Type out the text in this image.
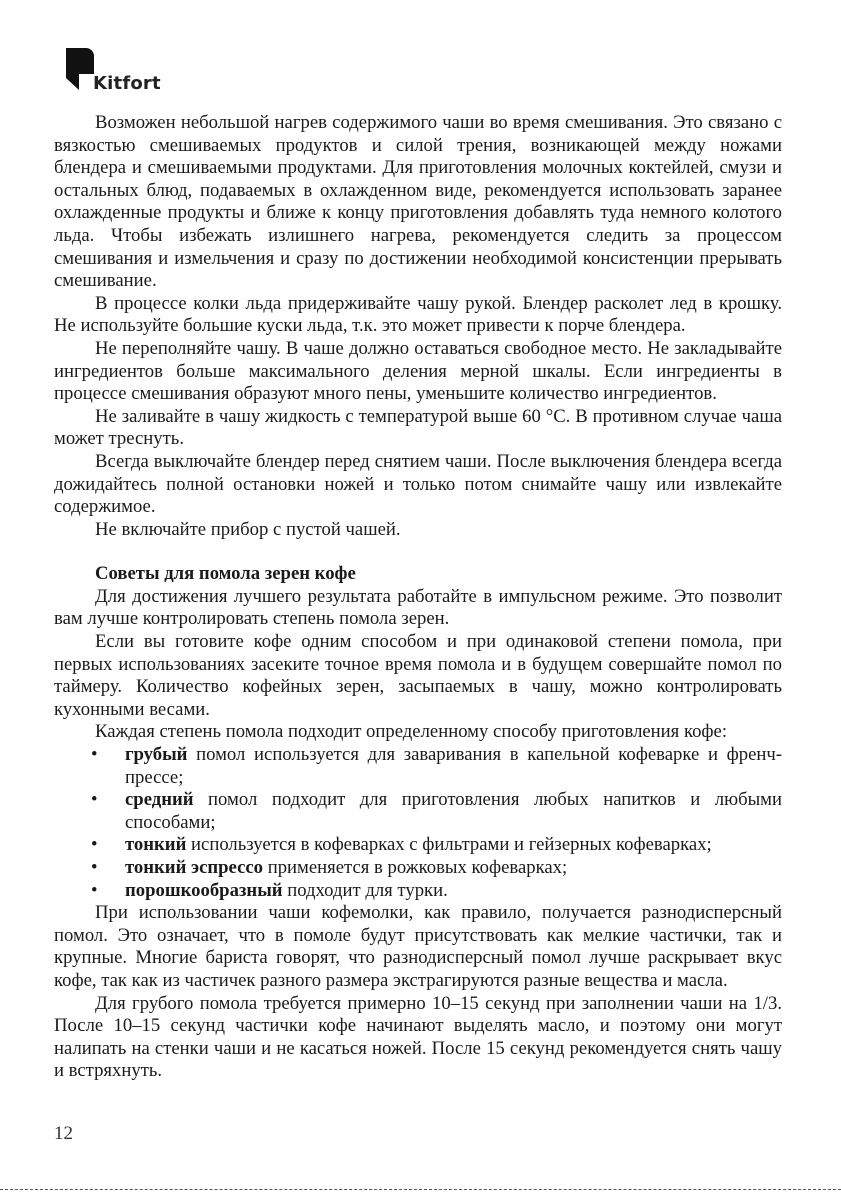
Kitfort

Возможен небольшой нагрев содержимого чаши во время смешивания. Это связано с вязкостью смешиваемых продуктов и силой трения, возникающей между ножами блендера и смешиваемыми продуктами. Для приготовления молочных коктейлей, смузи и остальных блюд, подаваемых в охлажденном виде, рекомендуется использовать заранее охлажденные продукты и ближе к концу приготовления добавлять туда немного колотого льда. Чтобы избежать излишнего нагрева, рекомендуется следить за процессом смешивания и измельчения и сразу по достижении необходимой консистенции прерывать смешивание.

В процессе колки льда придерживайте чашу рукой. Блендер расколет лед в крошку. Не используйте большие куски льда, т.к. это может привести к порче блендера.

Не переполняйте чашу. В чаше должно оставаться свободное место. Не закладывайте ингредиентов больше максимального деления мерной шкалы. Если ингредиенты в процессе смешивания образуют много пены, уменьшите количество ингредиентов.

Не заливайте в чашу жидкость с температурой выше 60 °С. В противном случае чаша может треснуть.

Всегда выключайте блендер перед снятием чаши. После выключения блендера всегда дожидайтесь полной остановки ножей и только потом снимайте чашу или извлекайте содержимое.

Не включайте прибор с пустой чашей.

Советы для помола зерен кофе

Для достижения лучшего результата работайте в импульсном режиме. Это позволит вам лучше контролировать степень помола зерен.

Если вы готовите кофе одним способом и при одинаковой степени помола, при первых использованиях засеките точное время помола и в будущем совершайте помол по таймеру. Количество кофейных зерен, засыпаемых в чашу, можно контролировать кухонными весами.

Каждая степень помола подходит определенному способу приготовления кофе:

• грубый помол используется для заваривания в капельной кофеварке и френч-прессе;
• средний помол подходит для приготовления любых напитков и любыми способами;
• тонкий используется в кофеварках с фильтрами и гейзерных кофеварках;
• тонкий эспрессо применяется в рожковых кофеварках;
• порошкообразный подходит для турки.

При использовании чаши кофемолки, как правило, получается разнодисперсный помол. Это означает, что в помоле будут присутствовать как мелкие частички, так и крупные. Многие бариста говорят, что разнодисперсный помол лучше раскрывает вкус кофе, так как из частичек разного размера экстрагируются разные вещества и масла.

Для грубого помола требуется примерно 10–15 секунд при заполнении чаши на 1/3. После 10–15 секунд частички кофе начинают выделять масло, и поэтому они могут налипать на стенки чаши и не касаться ножей. После 15 секунд рекомендуется снять чашу и встряхнуть.

12
